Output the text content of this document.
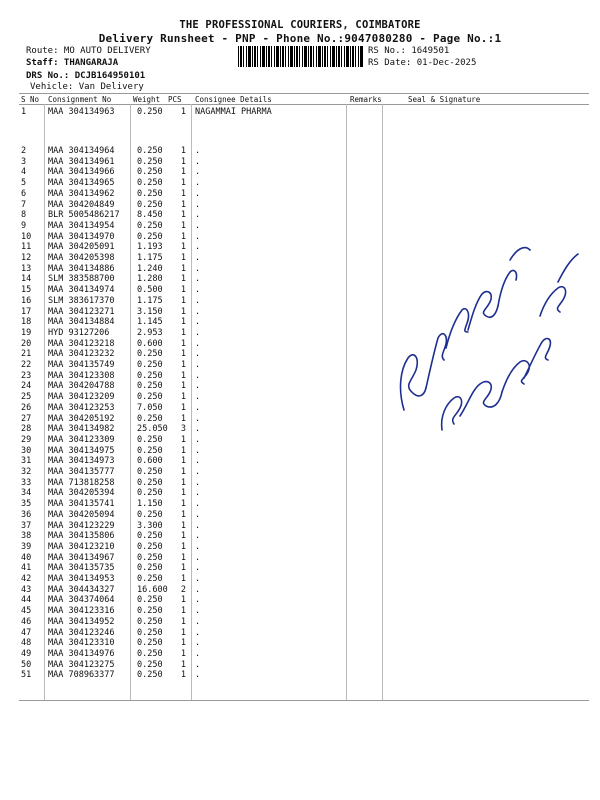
THE PROFESSIONAL COURIERS, COIMBATORE
Delivery Runsheet - PNP - Phone No.:9047080280 - Page No.:1
Route: MO AUTO DELIVERY
Staff: THANGARAJA
DRS No.: DCJB164950101
Vehicle: Van Delivery
RS No.: 1649501
RS Date: 01-Dec-2025
S No Consignment No	Weight PCS Consignee Details	Remarks	Seal & Signature
1	MAA 304134963	0.250	1 NAGAMMAI PHARMA
2	MAA 304134964	0.250	1 .
3	MAA 304134961	0.250	1 .
4	MAA 304134966	0.250	1 .
5	MAA 304134965	0.250	1 .
6	MAA 304134962	0.250	1 .
7	MAA 304204849	0.250	1 .
8	BLR 5005486217 8.450	1 .
9	MAA 304134954	0.250	1 .
10 MAA 304134970	0.250	1 .
11 MAA 304205091	1.193	1 .
12 MAA 304205398	1.175	1 .
13 MAA 304134886	1.240	1 .
14 SLM 383588700	1.280	1 .
15 MAA 304134974	0.500	1 .
16 SLM 383617370	1.175	1 .
17 MAA 304123271	3.150	1 .
18 MAA 304134884	1.145	1 .
19 HYD 93127206	2.953	1 .
20 MAA 304123218	0.600	1 .
21 MAA 304123232	0.250	1 .
22 MAA 304135749	0.250	1 .
23 MAA 304123308	0.250	1 .
24 MAA 304204788	0.250	1 .
25 MAA 304123209	0.250	1 .
26 MAA 304123253	7.050	1 .
27 MAA 304205192	0.250	1 .
28 MAA 304134982	25.050	3 .
29 MAA 304123309	0.250	1 .
30 MAA 304134975	0.250	1 .
31 MAA 304134973	0.600	1 .
32 MAA 304135777	0.250	1 .
33 MAA 713818258	0.250	1 .
34 MAA 304205394	0.250	1 .
35 MAA 304135741	1.150	1 .
36 MAA 304205094	0.250	1 .
37 MAA 304123229	3.300	1 .
38 MAA 304135806	0.250	1 .
39 MAA 304123210	0.250	1 .
40 MAA 304134967	0.250	1 .
41 MAA 304135735	0.250	1 .
42 MAA 304134953	0.250	1 .
43 MAA 304434327	16.600	2 .
44 MAA 304374064	0.250	1 .
45 MAA 304123316	0.250	1 .
46 MAA 304134952	0.250	1 .
47 MAA 304123246	0.250	1 .
48 MAA 304123310	0.250	1 .
49 MAA 304134976	0.250	1 .
50 MAA 304123275	0.250	1 .
51 MAA 708963377	0.250	1 .
